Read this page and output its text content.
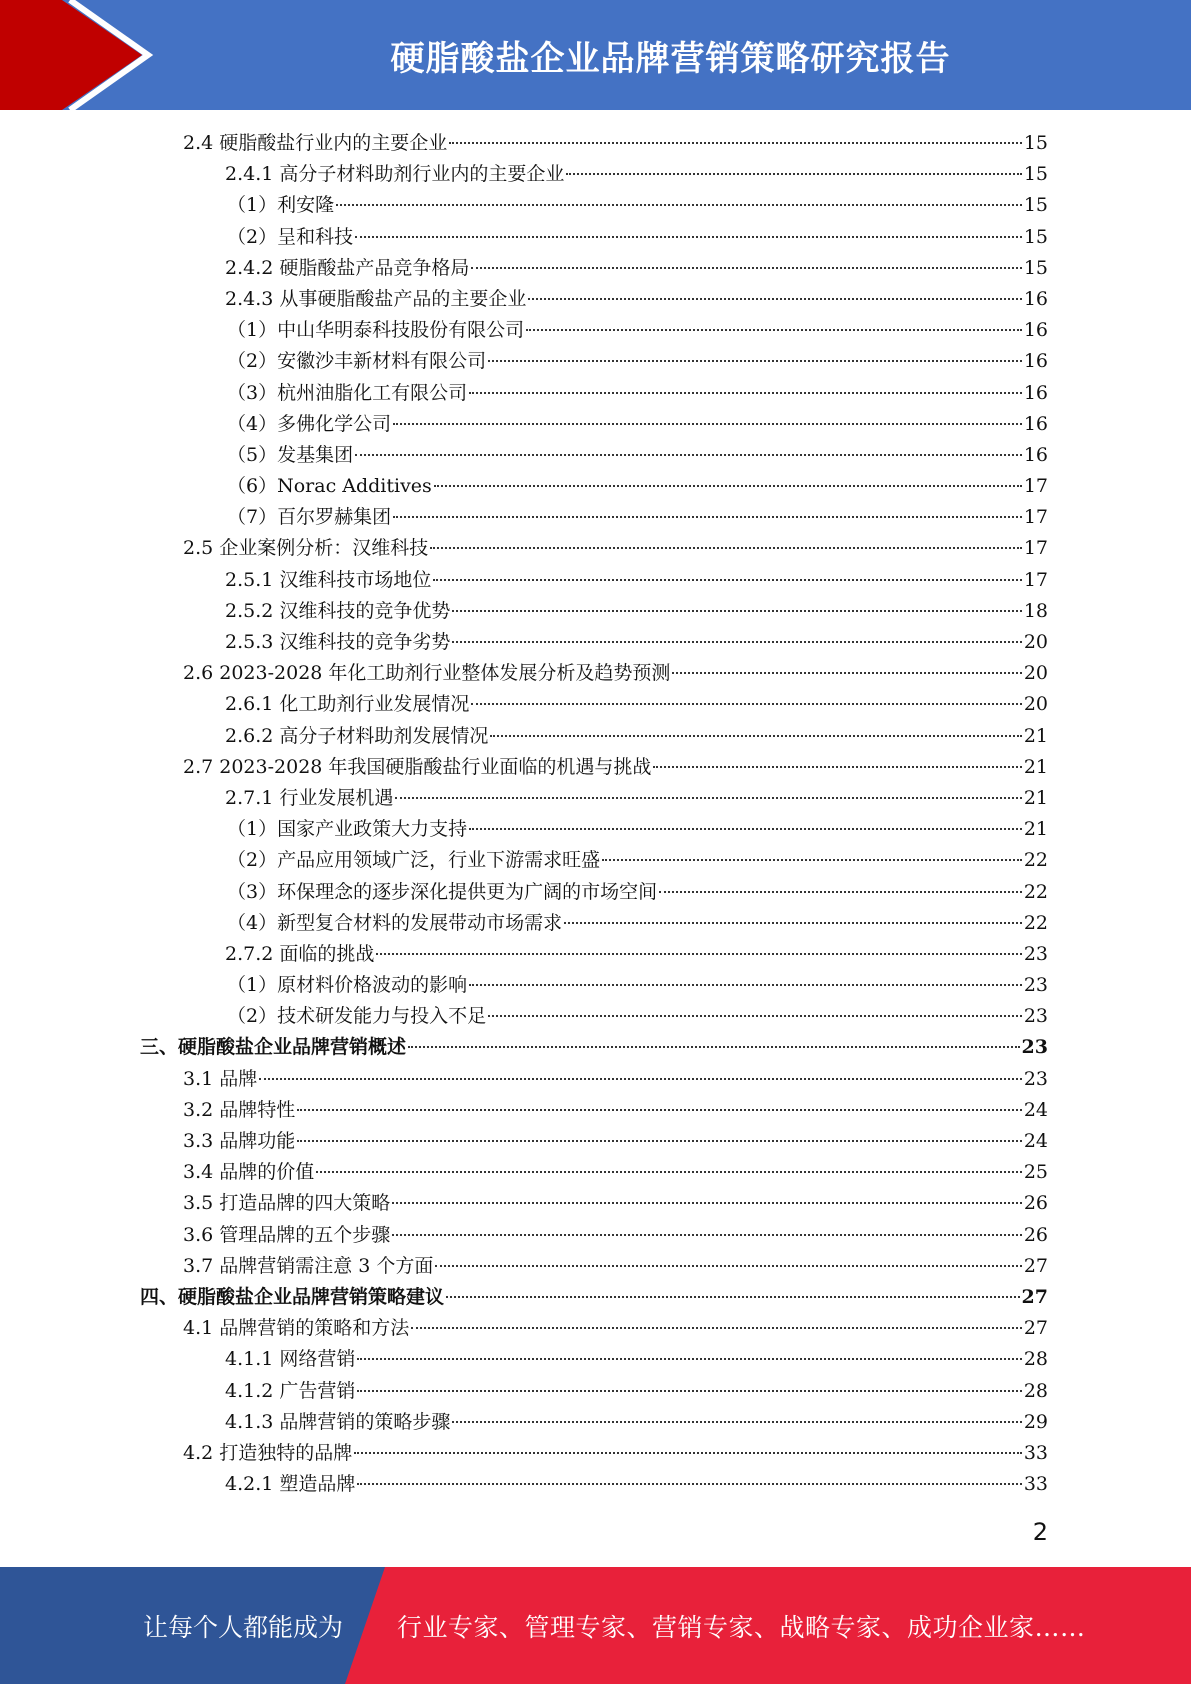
硬脂酸盐企业品牌营销策略研究报告
2.4 硬脂酸盐行业内的主要企业	15
2.4.1 高分子材料助剂行业内的主要企业	15
（1）利安隆	15
（2）呈和科技	15
2.4.2 硬脂酸盐产品竞争格局	15
2.4.3 从事硬脂酸盐产品的主要企业	16
（1）中山华明泰科技股份有限公司	16
（2）安徽沙丰新材料有限公司	16
（3）杭州油脂化工有限公司	16
（4）多佛化学公司	16
（5）发基集团	16
（6）Norac Additives	17
（7）百尔罗赫集团	17
2.5 企业案例分析：汉维科技	17
2.5.1 汉维科技市场地位	17
2.5.2 汉维科技的竞争优势	18
2.5.3 汉维科技的竞争劣势	20
2.6 2023-2028 年化工助剂行业整体发展分析及趋势预测	20
2.6.1 化工助剂行业发展情况	20
2.6.2 高分子材料助剂发展情况	21
2.7 2023-2028 年我国硬脂酸盐行业面临的机遇与挑战	21
2.7.1 行业发展机遇	21
（1）国家产业政策大力支持	21
（2）产品应用领域广泛，行业下游需求旺盛	22
（3）环保理念的逐步深化提供更为广阔的市场空间	22
（4）新型复合材料的发展带动市场需求	22
2.7.2 面临的挑战	23
（1）原材料价格波动的影响	23
（2）技术研发能力与投入不足	23
三、硬脂酸盐企业品牌营销概述	23
3.1 品牌	23
3.2 品牌特性	24
3.3 品牌功能	24
3.4 品牌的价值	25
3.5 打造品牌的四大策略	26
3.6 管理品牌的五个步骤	26
3.7 品牌营销需注意 3 个方面	27
四、硬脂酸盐企业品牌营销策略建议	27
4.1 品牌营销的策略和方法	27
4.1.1 网络营销	28
4.1.2 广告营销	28
4.1.3 品牌营销的策略步骤	29
4.2 打造独特的品牌	33
4.2.1 塑造品牌	33
2
让每个人都能成为 行业专家、管理专家、营销专家、战略专家、成功企业家……
